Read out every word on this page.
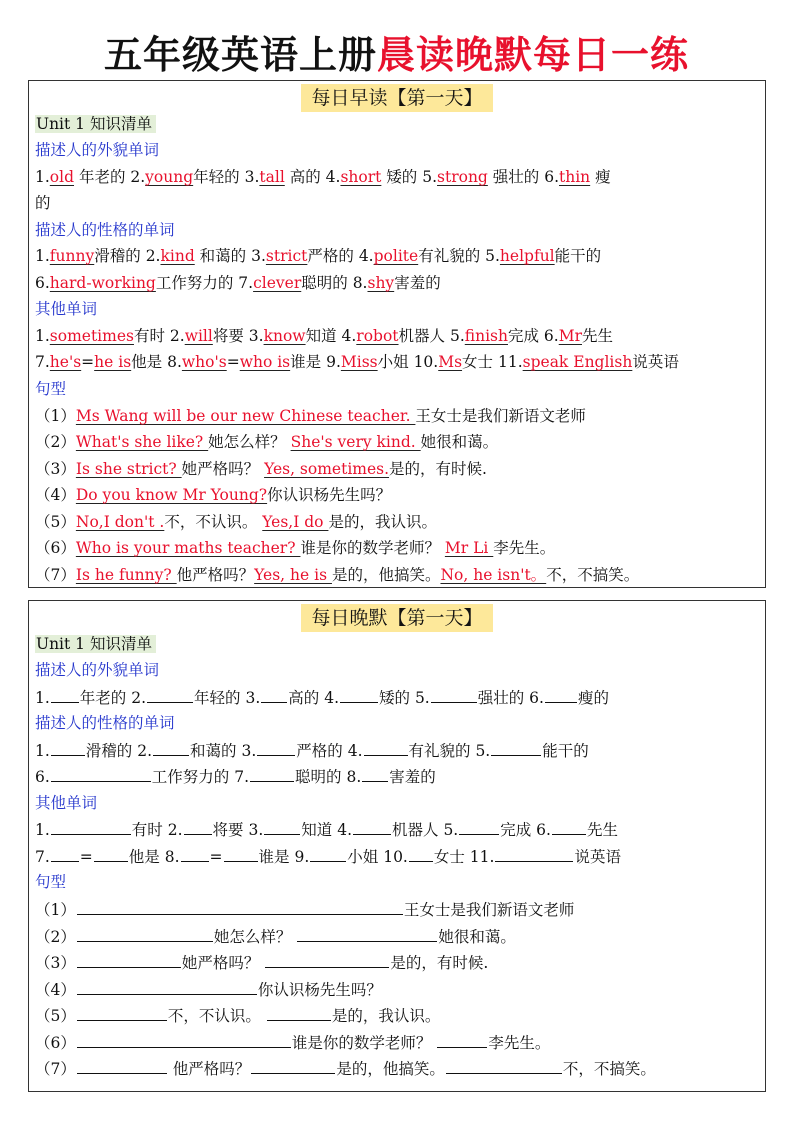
五年级英语上册晨读晚默每日一练
每日早读【第一天】
Unit 1 知识清单
描述人的外貌单词
1.old 年老的 2.young年轻的 3.tall 高的 4.short 矮的 5.strong 强壮的 6.thin 瘦
的
描述人的性格的单词
1.funny滑稽的 2.kind 和蔼的 3.strict严格的 4.polite有礼貌的 5.helpful能干的
6.hard-working工作努力的 7.clever聪明的 8.shy害羞的
其他单词
1.sometimes有时 2.will将要 3.know知道 4.robot机器人 5.finish完成 6.Mr先生
7.he's=he is他是 8.who's=who is谁是 9.Miss小姐 10.Ms女士 11.speak English说英语
句型
（1）Ms Wang will be our new Chinese teacher. 王女士是我们新语文老师
（2）What's she like? 她怎么样？ She's very kind. 她很和蔼。
（3）Is she strict? 她严格吗？ Yes, sometimes.是的，有时候.
（4）Do you know Mr Young?你认识杨先生吗？
（5）No,I don't .不，不认识。 Yes,I do 是的，我认识。
（6）Who is your maths teacher? 谁是你的数学老师？ Mr Li 李先生。
（7）Is he funny? 他严格吗？Yes, he is 是的，他搞笑。No, he isn't。不，不搞笑。
每日晚默【第一天】
Unit 1 知识清单
描述人的外貌单词
1. 年老的 2.	年轻的 3. 高的 4.	矮的 5.	强壮的 6. 瘦的
描述人的性格的单词
1. 滑稽的 2. 和蔼的 3.	严格的 4.	有礼貌的 5.	能干的
6.	工作努力的 7.	聪明的 8. 害羞的
其他单词
1.	有时 2. 将要 3. 知道 4.	机器人 5.	完成 6. 先生
7. = 他是 8. = 谁是 9. 小姐 10. 女士 11.	说英语
句型
（1）	王女士是我们新语文老师
（2）	她怎么样？	她很和蔼。
（3）	她严格吗？	是的，有时候.
（4）	你认识杨先生吗？
（5）	不，不认识。	是的，我认识。
（6）	谁是你的数学老师？	李先生。
（7）	他严格吗？	是的，他搞笑。	不，不搞笑。
